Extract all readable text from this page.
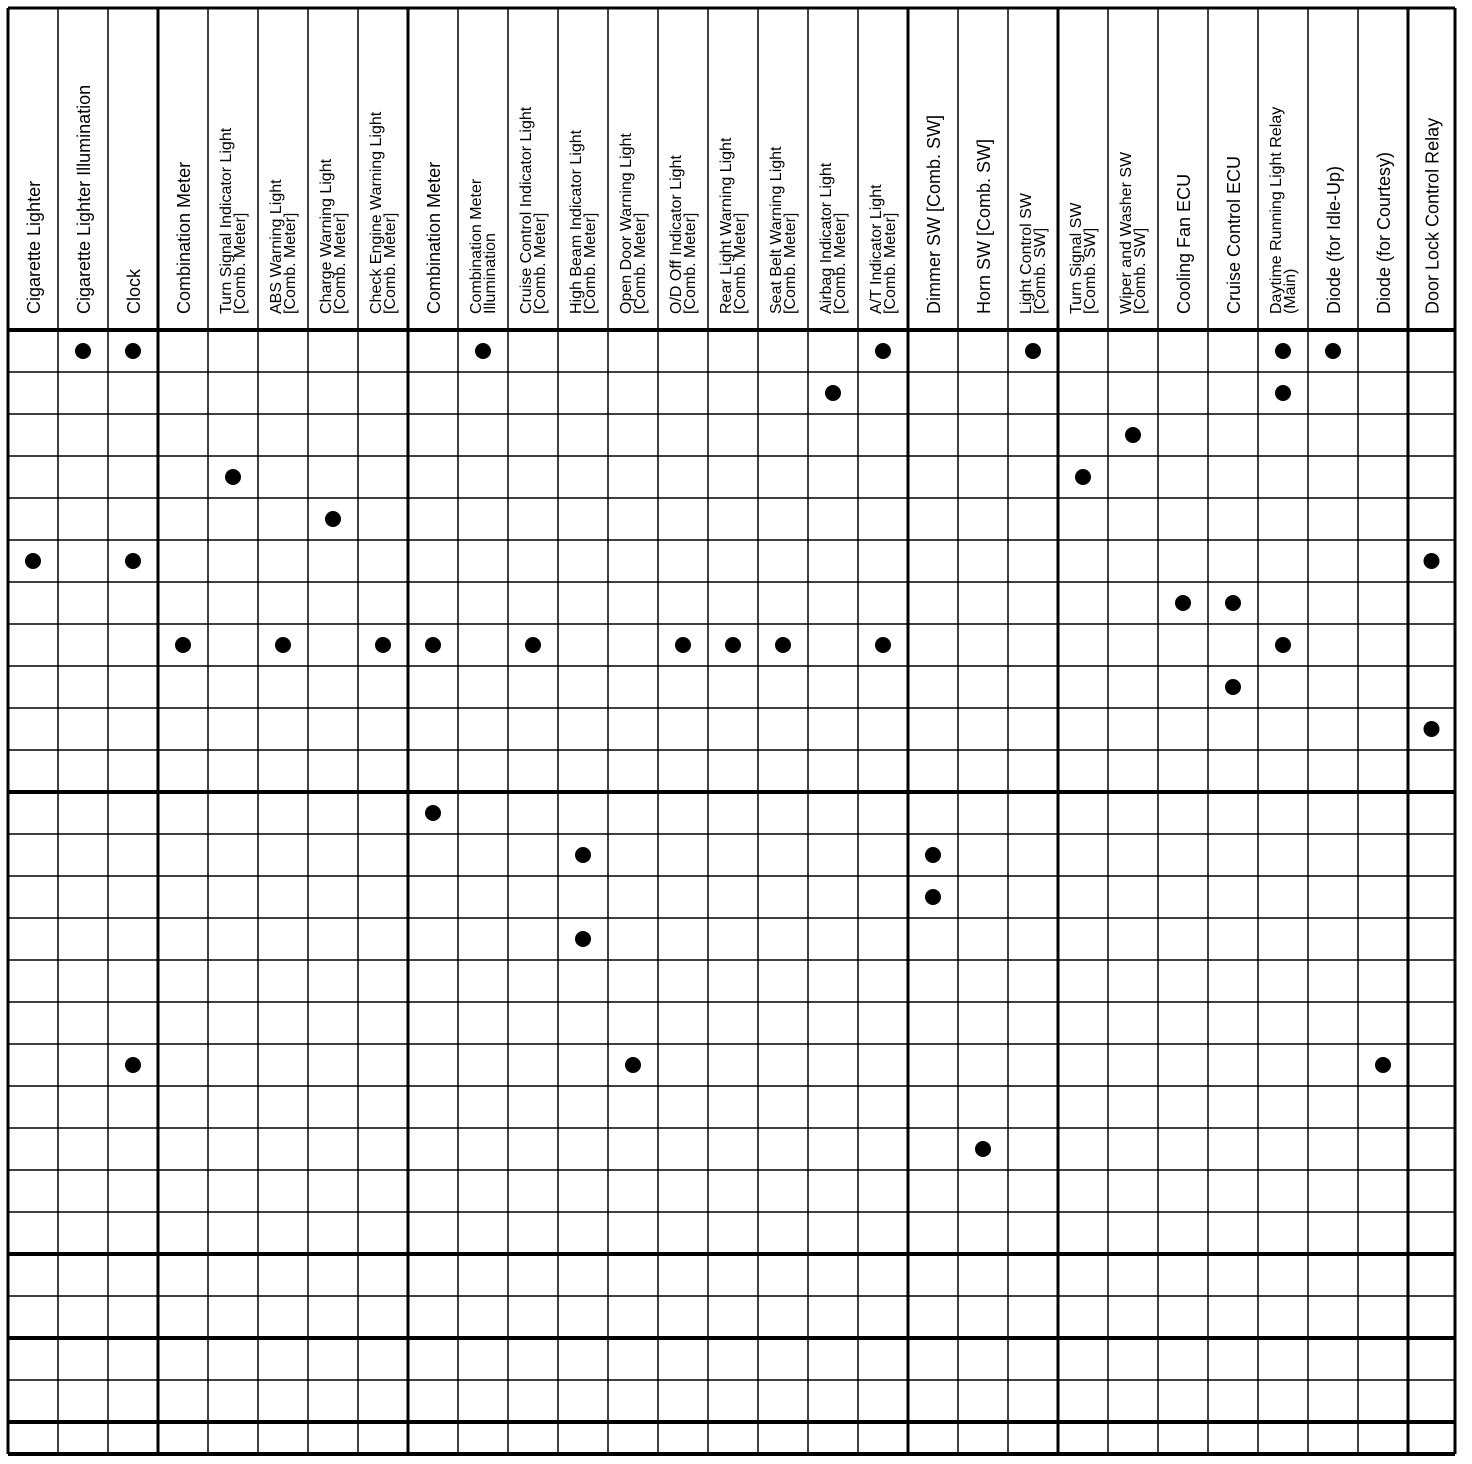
Cigarette Lighter Cigarette Lighter Illumination Clock Combination Meter Turn Signal Indicator Light[Comb. Meter] ABS Warning Light[Comb. Meter] Charge Warning Light[Comb. Meter] Check Engine Warning Light[Comb. Meter] Combination Meter Combination MeterIllumination Cruise Control Indicator Light[Comb. Meter] High Beam Indicator Light[Comb. Meter] Open Door Warning Light[Comb. Meter] O/D Off Indicator Light[Comb. Meter] Rear Light Warning Light[Comb. Meter] Seat Belt Warning Light[Comb. Meter] Airbag Indicator Light[Comb. Meter] A/T Indicator Light[Comb. Meter] Dimmer SW [Comb. SW] Horn SW [Comb. SW] Light Control SW[Comb. SW] Turn Signal SW[Comb. SW] Wiper and Washer SW[Comb. SW] Cooling Fan ECU Cruise Control ECU Daytime Running Light Relay(Main) Diode (for Idle-Up) Diode (for Courtesy) Door Lock Control Relay
